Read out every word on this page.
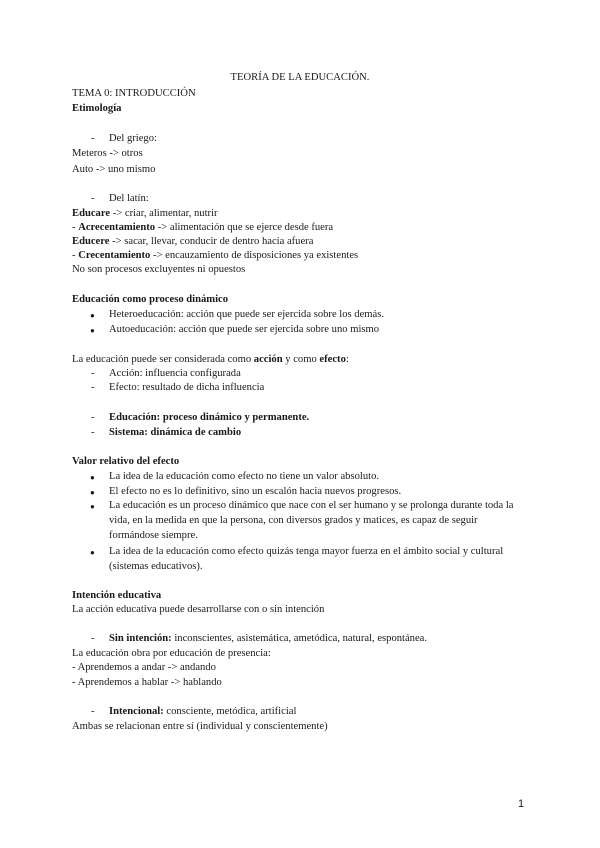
TEORÍA DE LA EDUCACIÓN.
TEMA 0: INTRODUCCIÓN
Etimología
- Del griego:
Meteros -> otros
Auto -> uno mismo
- Del latín:
Educare -> criar, alimentar, nutrir
- Acrecentamiento -> alimentación que se ejerce desde fuera
Educere -> sacar, llevar, conducir de dentro hacia afuera
- Crecentamiento -> encauzamiento de disposiciones ya existentes
No son procesos excluyentes ni opuestos
Educación como proceso dinámico
● Heteroeducación: acción que puede ser ejercida sobre los demás.
● Autoeducación: acción que puede ser ejercida sobre uno mismo
La educación puede ser considerada como acción y como efecto:
- Acción: influencia configurada
- Efecto: resultado de dicha influencia
- Educación: proceso dinámico y permanente.
- Sistema: dinámica de cambio
Valor relativo del efecto
● La idea de la educación como efecto no tiene un valor absoluto.
● El efecto no es lo definitivo, sino un escalón hacia nuevos progresos.
● La educación es un proceso dinámico que nace con el ser humano y se prolonga durante toda la vida, en la medida en que la persona, con diversos grados y matices, es capaz de seguir formándose siempre.
● La idea de la educación como efecto quizás tenga mayor fuerza en el ámbito social y cultural (sistemas educativos).
Intención educativa
La acción educativa puede desarrollarse con o sin intención
- Sin intención: inconscientes, asistemática, ametódica, natural, espontánea.
La educación obra por educación de presencia:
- Aprendemos a andar -> andando
- Aprendemos a hablar -> hablando
- Intencional: consciente, metódica, artificial
Ambas se relacionan entre sí (individual y conscientemente)
1
